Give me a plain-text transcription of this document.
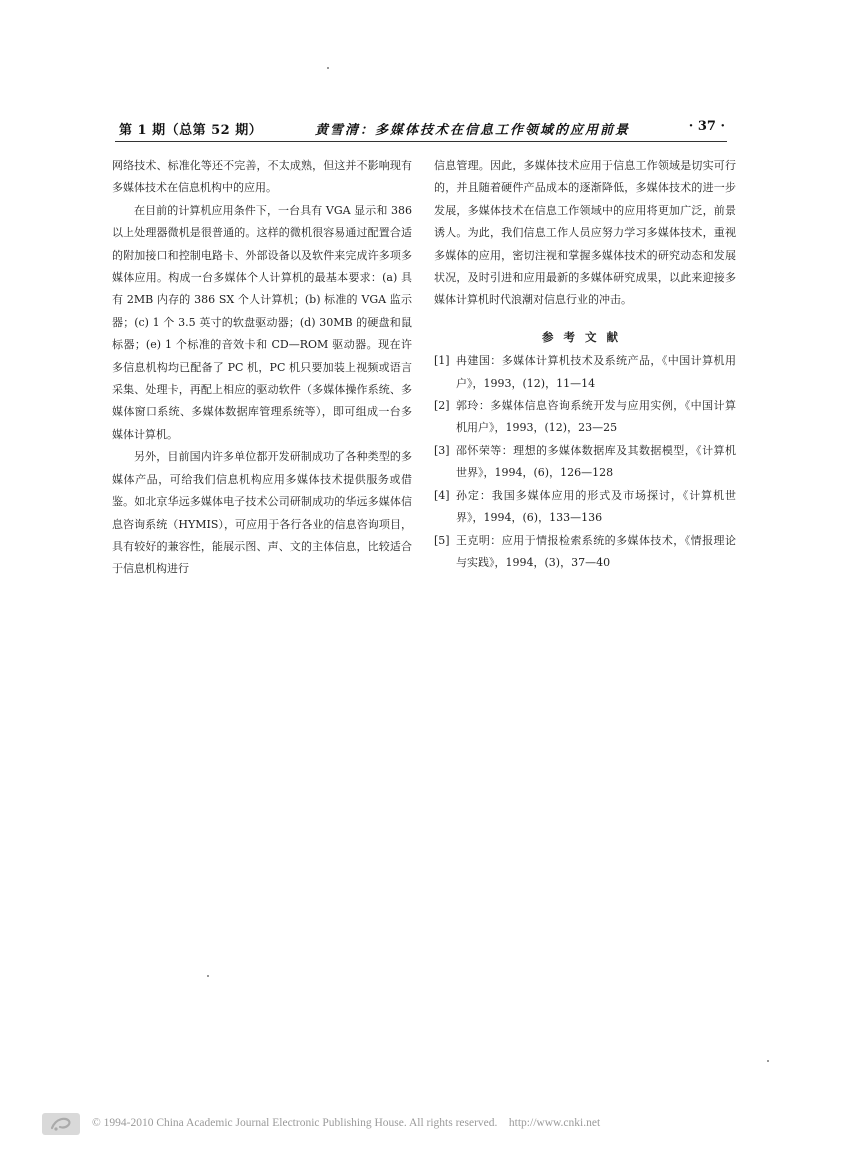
第 1 期（总第 52 期）	黄雪清：多媒体技术在信息工作领域的应用前景	· 37 ·

网络技术、标准化等还不完善，不太成熟，但这并不影响现有多媒体技术在信息机构中的应用。

在目前的计算机应用条件下，一台具有 VGA 显示和 386 以上处理器微机是很普通的。这样的微机很容易通过配置合适的附加接口和控制电路卡、外部设备以及软件来完成许多项多媒体应用。构成一台多媒体个人计算机的最基本要求：(a) 具有 2MB 内存的 386 SX 个人计算机；(b) 标准的 VGA 监示器；(c) 1 个 3.5 英寸的软盘驱动器；(d) 30MB 的硬盘和鼠标器；(e) 1 个标准的音效卡和 CD—ROM 驱动器。现在许多信息机构均已配备了 PC 机，PC 机只要加装上视频或语言采集、处理卡，再配上相应的驱动软件（多媒体操作系统、多媒体窗口系统、多媒体数据库管理系统等），即可组成一台多媒体计算机。

另外，目前国内许多单位都开发研制成功了各种类型的多媒体产品，可给我们信息机构应用多媒体技术提供服务或借鉴。如北京华远多媒体电子技术公司研制成功的华远多媒体信息咨询系统（HYMIS），可应用于各行各业的信息咨询项目，具有较好的兼容性，能展示图、声、文的主体信息，比较适合于信息机构进行

信息管理。因此，多媒体技术应用于信息工作领域是切实可行的，并且随着硬件产品成本的逐渐降低，多媒体技术的进一步发展，多媒体技术在信息工作领域中的应用将更加广泛，前景诱人。为此，我们信息工作人员应努力学习多媒体技术，重视多媒体的应用，密切注视和掌握多媒体技术的研究动态和发展状况，及时引进和应用最新的多媒体研究成果，以此来迎接多媒体计算机时代浪潮对信息行业的冲击。

参考文献
[1] 冉建国：多媒体计算机技术及系统产品，《中国计算机用户》，1993，(12)，11—14
[2] 郭玲：多媒体信息咨询系统开发与应用实例，《中国计算机用户》，1993，(12)，23—25
[3] 邵怀荣等：理想的多媒体数据库及其数据模型，《计算机世界》，1994，(6)，126—128
[4] 孙定：我国多媒体应用的形式及市场探讨，《计算机世界》，1994，(6)，133—136
[5] 王克明：应用于情报检索系统的多媒体技术，《情报理论与实践》，1994，(3)，37—40
© 1994-2010 China Academic Journal Electronic Publishing House. All rights reserved.    http://www.cnki.net
